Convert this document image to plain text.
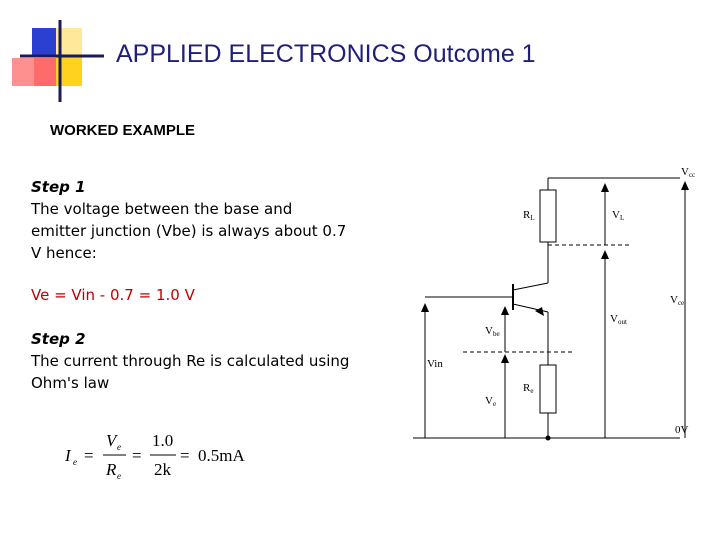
APPLIED ELECTRONICS Outcome 1
WORKED EXAMPLE
Step 1
The voltage between the base and emitter junction (Vbe) is always about 0.7 V hence:
Ve = Vin - 0.7 = 1.0 V
Step 2
The current through Re is calculated using Ohm's law
I e =
V e
R e
=
1.0
2k
= 0.5mA
Vcc
RL	VL
Vce
Vout
Vbe
Vin
Re
Ve
0V
